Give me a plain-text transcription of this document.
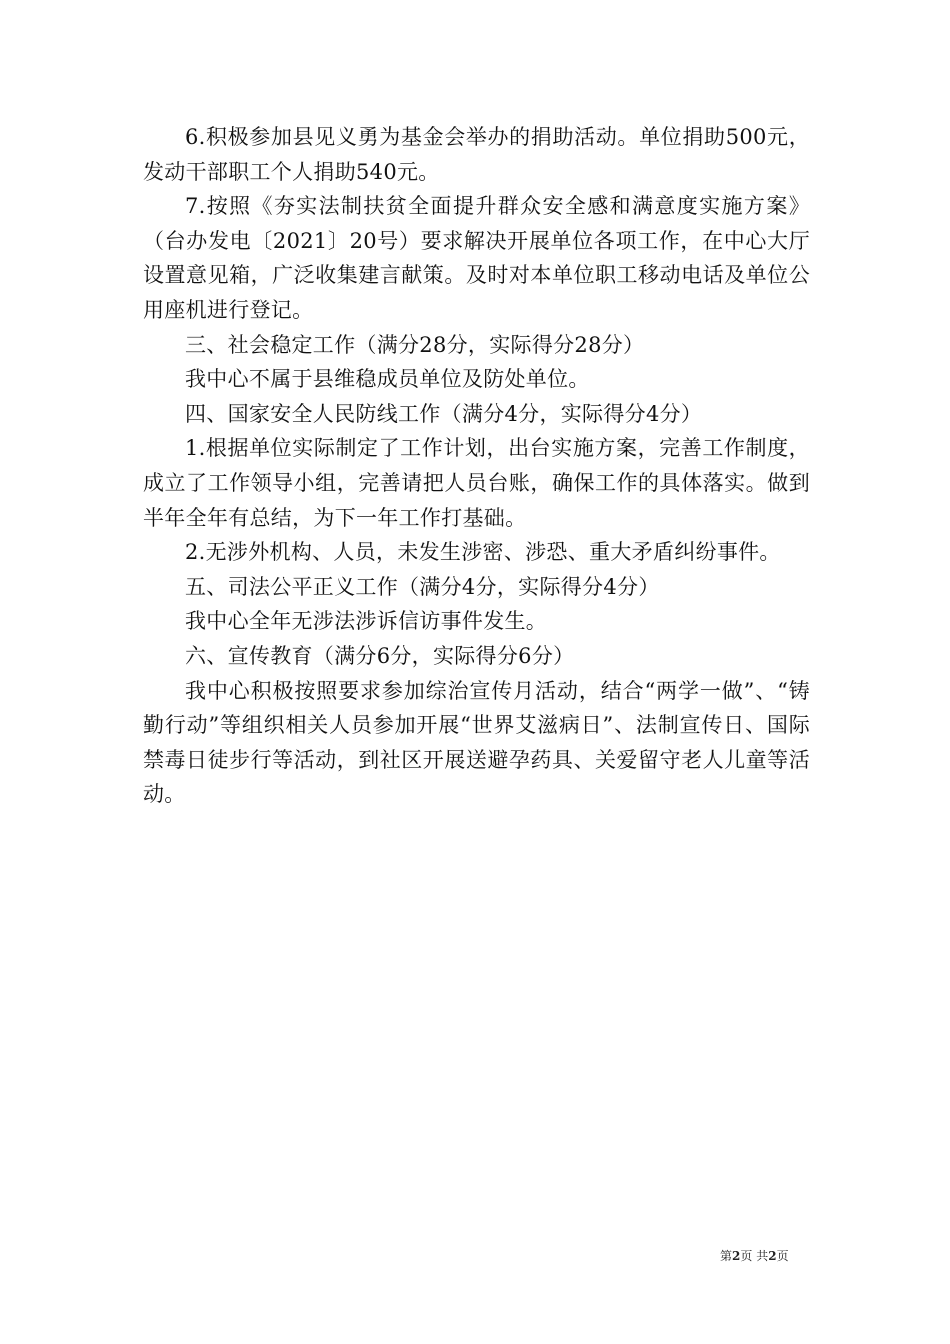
6.积极参加县见义勇为基金会举办的捐助活动。单位捐助500元，发动干部职工个人捐助540元。

7.按照《夯实法制扶贫全面提升群众安全感和满意度实施方案》（台办发电〔2021〕20号）要求解决开展单位各项工作，在中心大厅设置意见箱，广泛收集建言献策。及时对本单位职工移动电话及单位公用座机进行登记。

三、社会稳定工作（满分28分，实际得分28分）

我中心不属于县维稳成员单位及防处单位。

四、国家安全人民防线工作（满分4分，实际得分4分）

1.根据单位实际制定了工作计划，出台实施方案，完善工作制度，成立了工作领导小组，完善请把人员台账，确保工作的具体落实。做到半年全年有总结，为下一年工作打基础。

2.无涉外机构、人员，未发生涉密、涉恐、重大矛盾纠纷事件。

五、司法公平正义工作（满分4分，实际得分4分）

我中心全年无涉法涉诉信访事件发生。

六、宣传教育（满分6分，实际得分6分）

我中心积极按照要求参加综治宣传月活动，结合“两学一做”、“铸勤行动”等组织相关人员参加开展“世界艾滋病日”、法制宣传日、国际禁毒日徒步行等活动，到社区开展送避孕药具、关爱留守老人儿童等活动。

第2页 共2页
